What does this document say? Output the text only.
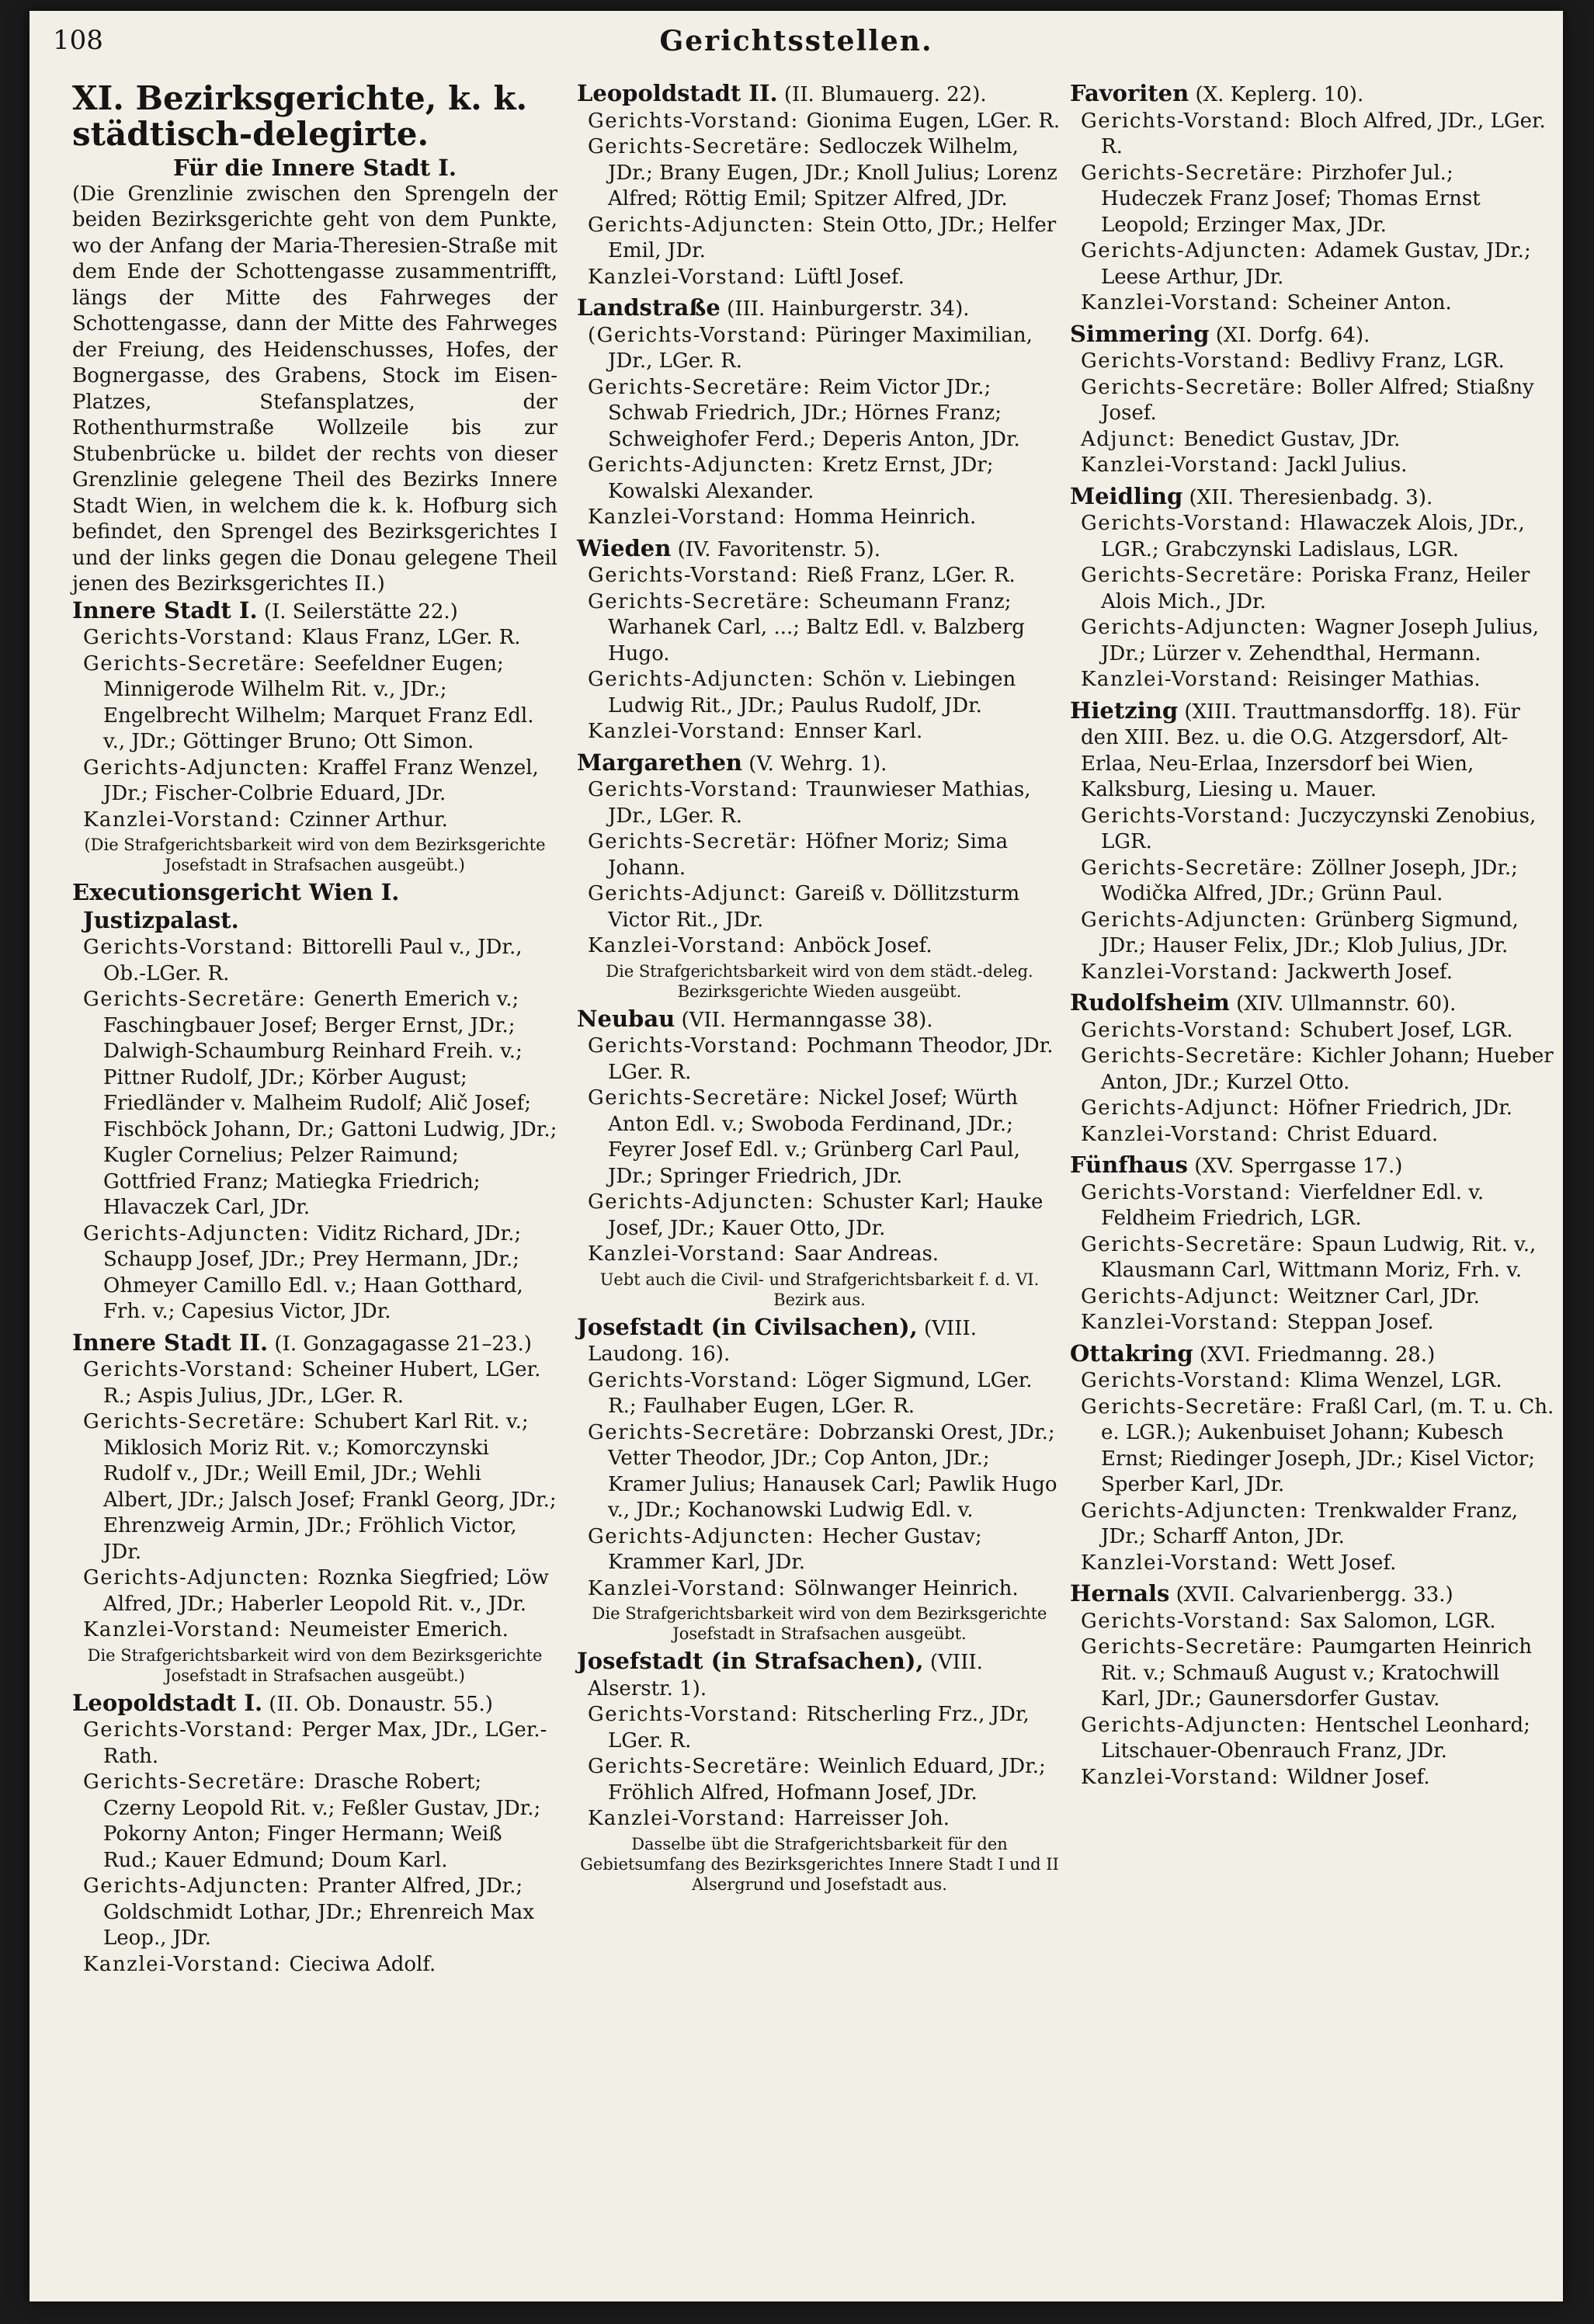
108	Gerichtsstellen.
XI. Bezirksgerichte, k. k. städtisch-delegirte.
Für die Innere Stadt I.
(Die Grenzlinie zwischen den Sprengeln der beiden Bezirksgerichte geht von dem Punkte, wo der Anfang der Maria-Theresien-Straße mit dem Ende der Schottengasse zusammentrifft, längs der Mitte des Fahrweges der Schottengasse, dann der Mitte des Fahrweges der Freiung, des Heidenschusses, Hofes, der Bognergasse, des Grabens, Stock im Eisen-Platzes, Stefansplatzes, der Rothenthurmstraße Wollzeile bis zur Stubenbrücke u. bildet der rechts von dieser Grenzlinie gelegene Theil des Bezirks Innere Stadt Wien, in welchem die k. k. Hofburg sich befindet, den Sprengel des Bezirksgerichtes I und der links gegen die Donau gelegene Theil jenen des Bezirksgerichtes II.)
Innere Stadt I. (I. Seilerstätte 22.)
Gerichts-Vorstand: Klaus Franz, LGer. R.
Gerichts-Secretäre: Seefeldner Eugen; Minnigerode Wilhelm Rit. v., JDr.; Engelbrecht Wilhelm; Marquet Franz Edl. v., JDr.; Göttinger Bruno; Ott Simon.
Gerichts-Adjuncten: Kraffel Franz Wenzel, JDr.; Fischer-Colbrie Eduard, JDr.
Kanzlei-Vorstand: Czinner Arthur.
(Die Strafgerichtsbarkeit wird von dem Bezirksgerichte Josefstadt in Strafsachen ausgeübt.)
Executionsgericht Wien I. Justizpalast.
Gerichts-Vorstand: Bittorelli Paul v., JDr., Ob.-LGer. R.
Gerichts-Secretäre: Generth Emerich v.; Faschingbauer Josef; Berger Ernst, JDr.; Dalwigh-Schaumburg Reinhard Freih. v.; Pittner Rudolf, JDr.; Körber August; Friedländer v. Malheim Rudolf; Alič Josef; Fischböck Johann, Dr.; Gattoni Ludwig, JDr.; Kugler Cornelius; Pelzer Raimund; Gottfried Franz; Matiegka Friedrich; Hlavaczek Carl, JDr.
Gerichts-Adjuncten: Viditz Richard, JDr.; Schaupp Josef, JDr.; Prey Hermann, JDr.; Ohmeyer Camillo Edl. v.; Haan Gotthard, Frh. v.; Capesius Victor, JDr.
Innere Stadt II. (I. Gonzagagasse 21–23.)
Gerichts-Vorstand: Scheiner Hubert, LGer. R.; Aspis Julius, JDr., LGer. R.
Gerichts-Secretäre: Schubert Karl Rit. v.; Miklosich Moriz Rit. v.; Komorczynski Rudolf v., JDr.; Weill Emil, JDr.; Wehli Albert, JDr.; Jalsch Josef; Frankl Georg, JDr.; Ehrenzweig Armin, JDr.; Fröhlich Victor, JDr.
Gerichts-Adjuncten: Roznka Siegfried; Löw Alfred, JDr.; Haberler Leopold Rit. v., JDr.
Kanzlei-Vorstand: Neumeister Emerich.
Die Strafgerichtsbarkeit wird von dem Bezirksgerichte Josefstadt in Strafsachen ausgeübt.)
Leopoldstadt I. (II. Ob. Donaustr. 55.)
Gerichts-Vorstand: Perger Max, JDr., LGer.-Rath.
Gerichts-Secretäre: Drasche Robert; Czerny Leopold Rit. v.; Feßler Gustav, JDr.; Pokorny Anton; Finger Hermann; Weiß Rud.; Kauer Edmund; Doum Karl.
Gerichts-Adjuncten: Pranter Alfred, JDr.; Goldschmidt Lothar, JDr.; Ehrenreich Max Leop., JDr.
Kanzlei-Vorstand: Cieciwa Adolf.
Leopoldstadt II. (II. Blumauerg. 22).
Gerichts-Vorstand: Gionima Eugen, LGer. R.
Gerichts-Secretäre: Sedloczek Wilhelm, JDr.; Brany Eugen, JDr.; Knoll Julius; Lorenz Alfred; Röttig Emil; Spitzer Alfred, JDr.
Gerichts-Adjuncten: Stein Otto, JDr.; Helfer Emil, JDr.
Kanzlei-Vorstand: Lüftl Josef.
Landstraße (III. Hainburgerstr. 34).
(Gerichts-Vorstand: Püringer Maximilian, JDr., LGer. R.
Gerichts-Secretäre: Reim Victor JDr.; Schwab Friedrich, JDr.; Hörnes Franz; Schweighofer Ferd.; Deperis Anton, JDr.
Gerichts-Adjuncten: Kretz Ernst, JDr; Kowalski Alexander.
Kanzlei-Vorstand: Homma Heinrich.
Wieden (IV. Favoritenstr. 5).
Gerichts-Vorstand: Rieß Franz, LGer. R.
Gerichts-Secretäre: Scheumann Franz; Warhanek Carl, ...; Baltz Edl. v. Balzberg Hugo.
Gerichts-Adjuncten: Schön v. Liebingen Ludwig Rit., JDr.; Paulus Rudolf, JDr.
Kanzlei-Vorstand: Ennser Karl.
Margarethen (V. Wehrg. 1).
Gerichts-Vorstand: Traunwieser Mathias, JDr., LGer. R.
Gerichts-Secretär: Höfner Moriz; Sima Johann.
Gerichts-Adjunct: Gareiß v. Döllitzsturm Victor Rit., JDr.
Kanzlei-Vorstand: Anböck Josef.
Die Strafgerichtsbarkeit wird von dem städt.-deleg. Bezirksgerichte Wieden ausgeübt.
Neubau (VII. Hermanngasse 38).
Gerichts-Vorstand: Pochmann Theodor, JDr. LGer. R.
Gerichts-Secretäre: Nickel Josef; Würth Anton Edl. v.; Swoboda Ferdinand, JDr.; Feyrer Josef Edl. v.; Grünberg Carl Paul, JDr.; Springer Friedrich, JDr.
Gerichts-Adjuncten: Schuster Karl; Hauke Josef, JDr.; Kauer Otto, JDr.
Kanzlei-Vorstand: Saar Andreas.
Uebt auch die Civil- und Strafgerichtsbarkeit f. d. VI. Bezirk aus.
Josefstadt (in Civilsachen), (VIII. Laudong. 16).
Gerichts-Vorstand: Löger Sigmund, LGer. R.; Faulhaber Eugen, LGer. R.
Gerichts-Secretäre: Dobrzanski Orest, JDr.; Vetter Theodor, JDr.; Cop Anton, JDr.; Kramer Julius; Hanausek Carl; Pawlik Hugo v., JDr.; Kochanowski Ludwig Edl. v.
Gerichts-Adjuncten: Hecher Gustav; Krammer Karl, JDr.
Kanzlei-Vorstand: Sölnwanger Heinrich.
Die Strafgerichtsbarkeit wird von dem Bezirksgerichte Josefstadt in Strafsachen ausgeübt.
Josefstadt (in Strafsachen), (VIII. Alserstr. 1).
Gerichts-Vorstand: Ritscherling Frz., JDr, LGer. R.
Gerichts-Secretäre: Weinlich Eduard, JDr.; Fröhlich Alfred, Hofmann Josef, JDr.
Kanzlei-Vorstand: Harreisser Joh.
Dasselbe übt die Strafgerichtsbarkeit für den Gebietsumfang des Bezirksgerichtes Innere Stadt I und II Alsergrund und Josefstadt aus.
Favoriten (X. Keplerg. 10).
Gerichts-Vorstand: Bloch Alfred, JDr., LGer. R.
Gerichts-Secretäre: Pirzhofer Jul.; Hudeczek Franz Josef; Thomas Ernst Leopold; Erzinger Max, JDr.
Gerichts-Adjuncten: Adamek Gustav, JDr.; Leese Arthur, JDr.
Kanzlei-Vorstand: Scheiner Anton.
Simmering (XI. Dorfg. 64).
Gerichts-Vorstand: Bedlivy Franz, LGR.
Gerichts-Secretäre: Boller Alfred; Stiaßny Josef.
Adjunct: Benedict Gustav, JDr.
Kanzlei-Vorstand: Jackl Julius.
Meidling (XII. Theresienbadg. 3).
Gerichts-Vorstand: Hlawaczek Alois, JDr., LGR.; Grabczynski Ladislaus, LGR.
Gerichts-Secretäre: Poriska Franz, Heiler Alois Mich., JDr.
Gerichts-Adjuncten: Wagner Joseph Julius, JDr.; Lürzer v. Zehendthal, Hermann.
Kanzlei-Vorstand: Reisinger Mathias.
Hietzing (XIII. Trauttmansdorffg. 18). Für den XIII. Bez. u. die O.G. Atzgersdorf, Alt-Erlaa, Neu-Erlaa, Inzersdorf bei Wien, Kalksburg, Liesing u. Mauer.
Gerichts-Vorstand: Juczyczynski Zenobius, LGR.
Gerichts-Secretäre: Zöllner Joseph, JDr.; Wodička Alfred, JDr.; Grünn Paul.
Gerichts-Adjuncten: Grünberg Sigmund, JDr.; Hauser Felix, JDr.; Klob Julius, JDr.
Kanzlei-Vorstand: Jackwerth Josef.
Rudolfsheim (XIV. Ullmannstr. 60).
Gerichts-Vorstand: Schubert Josef, LGR.
Gerichts-Secretäre: Kichler Johann; Hueber Anton, JDr.; Kurzel Otto.
Gerichts-Adjunct: Höfner Friedrich, JDr.
Kanzlei-Vorstand: Christ Eduard.
Fünfhaus (XV. Sperrgasse 17.)
Gerichts-Vorstand: Vierfeldner Edl. v. Feldheim Friedrich, LGR.
Gerichts-Secretäre: Spaun Ludwig, Rit. v., Klausmann Carl, Wittmann Moriz, Frh. v.
Gerichts-Adjunct: Weitzner Carl, JDr.
Kanzlei-Vorstand: Steppan Josef.
Ottakring (XVI. Friedmanng. 28.)
Gerichts-Vorstand: Klima Wenzel, LGR.
Gerichts-Secretäre: Fraßl Carl, (m. T. u. Ch. e. LGR.); Aukenbuiset Johann; Kubesch Ernst; Riedinger Joseph, JDr.; Kisel Victor; Sperber Karl, JDr.
Gerichts-Adjuncten: Trenkwalder Franz, JDr.; Scharff Anton, JDr.
Kanzlei-Vorstand: Wett Josef.
Hernals (XVII. Calvarienbergg. 33.)
Gerichts-Vorstand: Sax Salomon, LGR.
Gerichts-Secretäre: Paumgarten Heinrich Rit. v.; Schmauß August v.; Kratochwill Karl, JDr.; Gaunersdorfer Gustav.
Gerichts-Adjuncten: Hentschel Leonhard; Litschauer-Obenrauch Franz, JDr.
Kanzlei-Vorstand: Wildner Josef.
